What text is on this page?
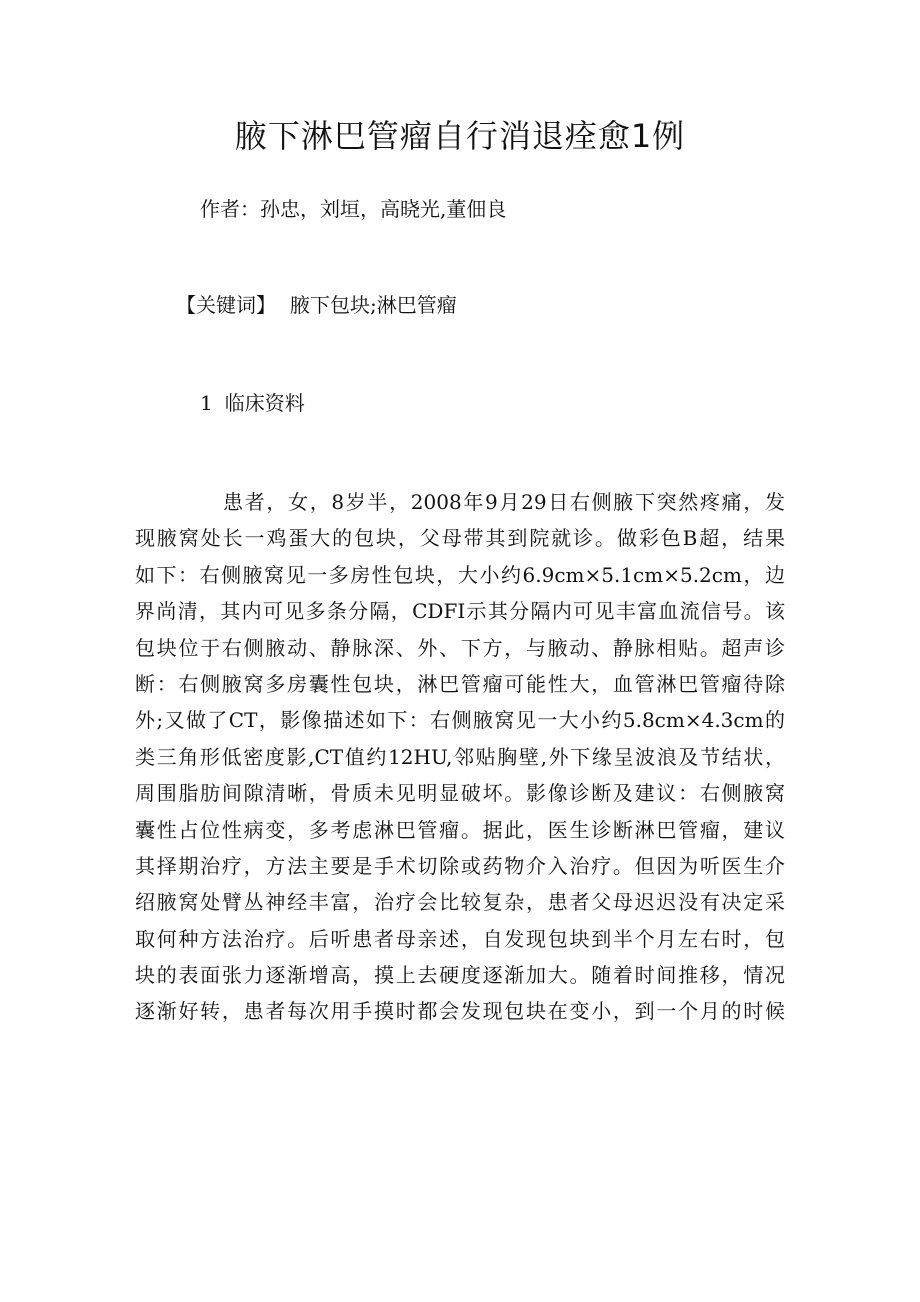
腋下淋巴管瘤自行消退痊愈1例
作者：孙忠，刘垣，高晓光,董佃良
【关键词】 腋下包块;淋巴管瘤
1 临床资料
患者，女，8岁半，2008年9月29日右侧腋下突然疼痛，发
现腋窝处长一鸡蛋大的包块，父母带其到院就诊。做彩色B超，结果
如下：右侧腋窝见一多房性包块，大小约6.9cm×5.1cm×5.2cm，边
界尚清，其内可见多条分隔，CDFI示其分隔内可见丰富血流信号。该
包块位于右侧腋动、静脉深、外、下方，与腋动、静脉相贴。超声诊
断：右侧腋窝多房囊性包块，淋巴管瘤可能性大，血管淋巴管瘤待除
外;又做了CT，影像描述如下：右侧腋窝见一大小约5.8cm×4.3cm的
类三角形低密度影,CT值约12HU,邻贴胸壁,外下缘呈波浪及节结状，
周围脂肪间隙清晰，骨质未见明显破坏。影像诊断及建议：右侧腋窝
囊性占位性病变，多考虑淋巴管瘤。据此，医生诊断淋巴管瘤，建议
其择期治疗，方法主要是手术切除或药物介入治疗。但因为听医生介
绍腋窝处臂丛神经丰富，治疗会比较复杂，患者父母迟迟没有决定采
取何种方法治疗。后听患者母亲述，自发现包块到半个月左右时，包
块的表面张力逐渐增高，摸上去硬度逐渐加大。随着时间推移，情况
逐渐好转，患者每次用手摸时都会发现包块在变小，到一个月的时候
